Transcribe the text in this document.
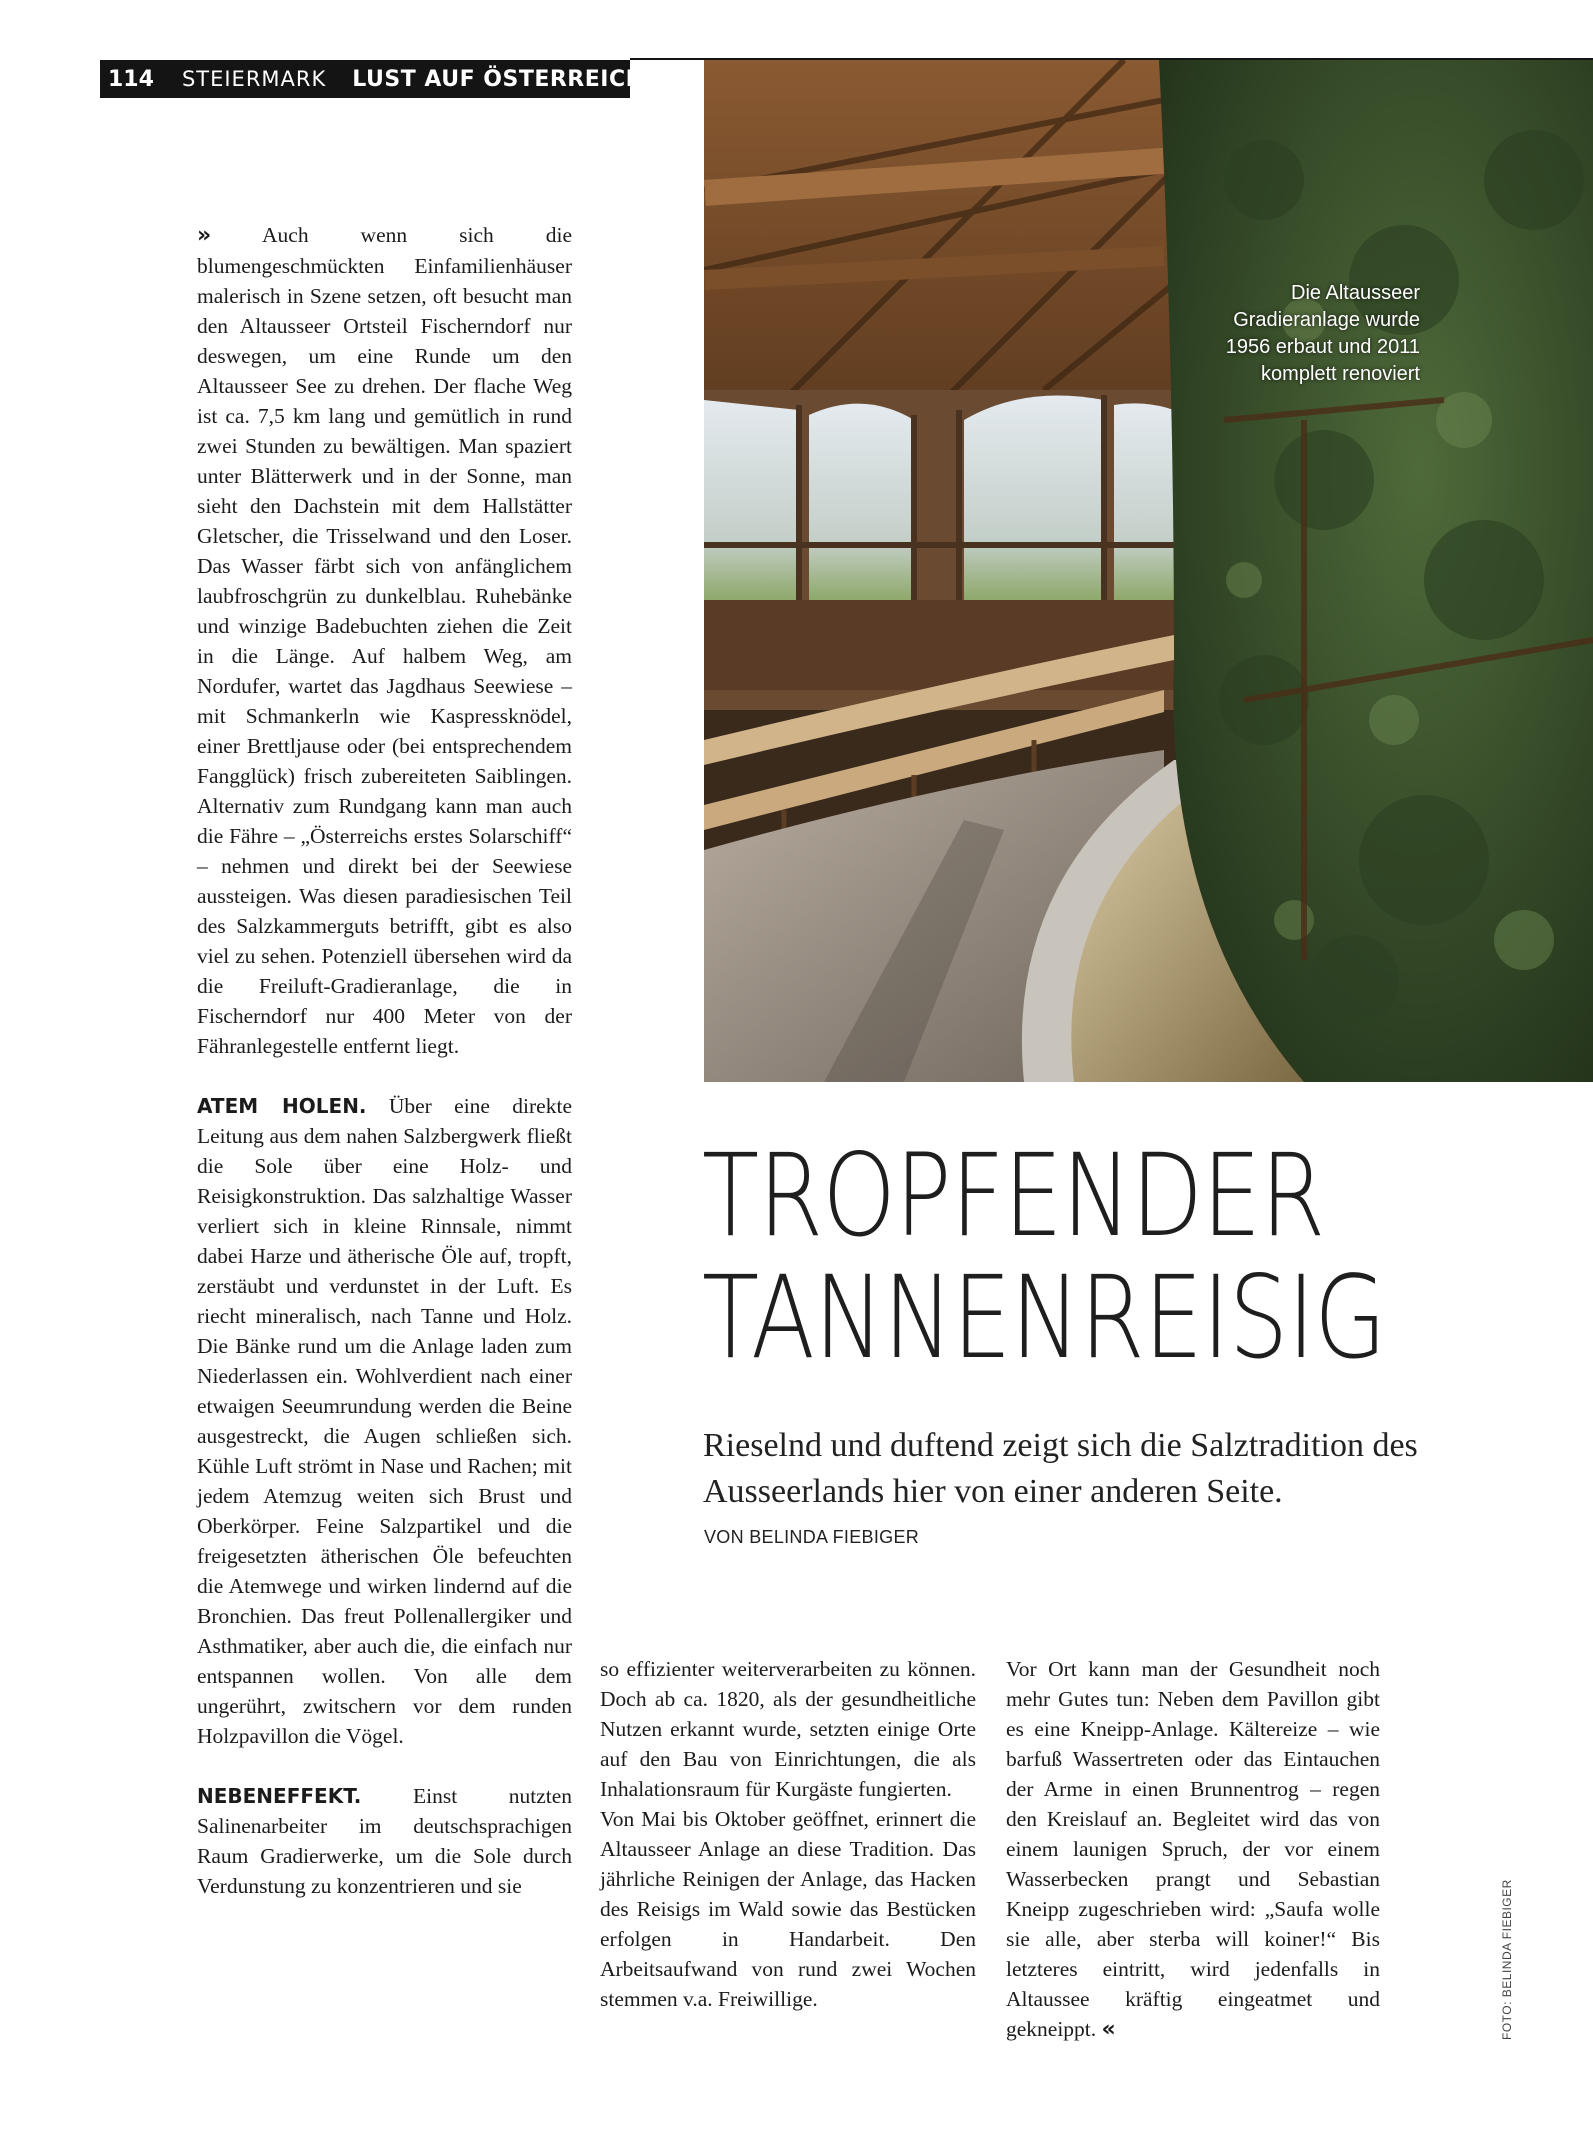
114 STEIERMARK LUST AUF ÖSTERREICH
Die Altausseer Gradieranlage wurde 1956 erbaut und 2011 komplett renoviert

» Auch wenn sich die blumengeschmückten Einfamilienhäuser malerisch in Szene setzen, oft besucht man den Altausseer Ortsteil Fischerndorf nur deswegen, um eine Runde um den Altausseer See zu drehen. Der flache Weg ist ca. 7,5 km lang und gemütlich in rund zwei Stunden zu bewältigen. Man spaziert unter Blätterwerk und in der Sonne, man sieht den Dachstein mit dem Hallstätter Gletscher, die Trisselwand und den Loser. Das Wasser färbt sich von anfänglichem laubfroschgrün zu dunkelblau. Ruhebänke und winzige Badebuchten ziehen die Zeit in die Länge. Auf halbem Weg, am Nordufer, wartet das Jagdhaus Seewiese – mit Schmankerln wie Kaspressknödel, einer Brettljause oder (bei entsprechendem Fangglück) frisch zubereiteten Saiblingen. Alternativ zum Rundgang kann man auch die Fähre – „Österreichs erstes Solarschiff“ – nehmen und direkt bei der Seewiese aussteigen. Was diesen paradiesischen Teil des Salzkammerguts betrifft, gibt es also viel zu sehen. Potenziell übersehen wird da die Freiluft-Gradieranlage, die in Fischerndorf nur 400 Meter von der Fähranlegestelle entfernt liegt.

ATEM HOLEN. Über eine direkte Leitung aus dem nahen Salzbergwerk fließt die Sole über eine Holz- und Reisigkonstruktion. Das salzhaltige Wasser verliert sich in kleine Rinnsale, nimmt dabei Harze und ätherische Öle auf, tropft, zerstäubt und verdunstet in der Luft. Es riecht mineralisch, nach Tanne und Holz. Die Bänke rund um die Anlage laden zum Niederlassen ein. Wohlverdient nach einer etwaigen Seeumrundung werden die Beine ausgestreckt, die Augen schließen sich. Kühle Luft strömt in Nase und Rachen; mit jedem Atemzug weiten sich Brust und Oberkörper. Feine Salzpartikel und die freigesetzten ätherischen Öle befeuchten die Atemwege und wirken lindernd auf die Bronchien. Das freut Pollenallergiker und Asthmatiker, aber auch die, die einfach nur entspannen wollen. Von alle dem ungerührt, zwitschern vor dem runden Holzpavillon die Vögel.

NEBENEFFEKT. Einst nutzten Salinenarbeiter im deutschsprachigen Raum Gradierwerke, um die Sole durch Verdunstung zu konzentrieren und sie

TROPFENDER
TANNENREISIG
Rieselnd und duftend zeigt sich die Salztradition des Ausseerlands hier von einer anderen Seite.
VON BELINDA FIEBIGER

so effizienter weiterverarbeiten zu können. Doch ab ca. 1820, als der gesundheitliche Nutzen erkannt wurde, setzten einige Orte auf den Bau von Einrichtungen, die als Inhalationsraum für Kurgäste fungierten.

Von Mai bis Oktober geöffnet, erinnert die Altausseer Anlage an diese Tradition. Das jährliche Reinigen der Anlage, das Hacken des Reisigs im Wald sowie das Bestücken erfolgen in Handarbeit. Den Arbeitsaufwand von rund zwei Wochen stemmen v.a. Freiwillige.

Vor Ort kann man der Gesundheit noch mehr Gutes tun: Neben dem Pavillon gibt es eine Kneipp-Anlage. Kältereize – wie barfuß Wassertreten oder das Eintauchen der Arme in einen Brunnentrog – regen den Kreislauf an. Begleitet wird das von einem launigen Spruch, der vor einem Wasserbecken prangt und Sebastian Kneipp zugeschrieben wird: „Saufa wolle sie alle, aber sterba will koiner!“ Bis letzteres eintritt, wird jedenfalls in Altaussee kräftig eingeatmet und gekneippt. «	FOTO: BELINDA FIEBIGER
